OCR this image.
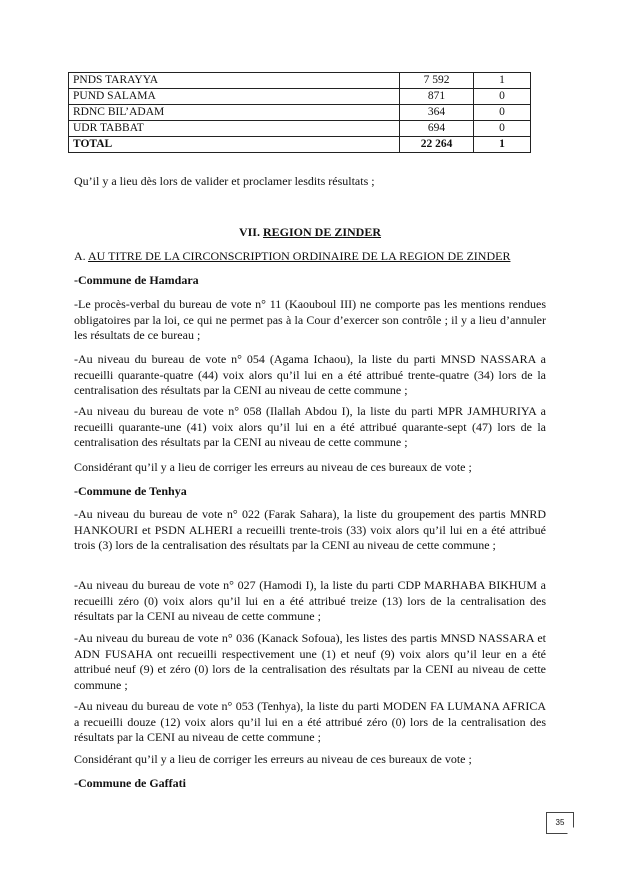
PNDS TARAYYA	7 592	1
PUND SALAMA	871	0
RDNC BIL’ADAM	364	0
UDR TABBAT	694	0
TOTAL	22 264	1
Qu’il y a lieu dès lors de valider et proclamer lesdits résultats ;
VII. REGION DE ZINDER
A. AU TITRE DE LA CIRCONSCRIPTION ORDINAIRE DE LA REGION DE ZINDER
-Commune de Hamdara
-Le procès-verbal du bureau de vote n° 11 (Kaouboul III) ne comporte pas les mentions rendues obligatoires par la loi, ce qui ne permet pas à la Cour d’exercer son contrôle ; il y a lieu d’annuler les résultats de ce bureau ;
-Au niveau du bureau de vote n° 054 (Agama Ichaou), la liste du parti MNSD NASSARA a recueilli quarante-quatre (44) voix alors qu’il lui en a été attribué trente-quatre (34) lors de la centralisation des résultats par la CENI au niveau de cette commune ;
-Au niveau du bureau de vote n° 058 (Ilallah Abdou I), la liste du parti MPR JAMHURIYA a recueilli quarante-une (41) voix alors qu’il lui en a été attribué quarante-sept (47) lors de la centralisation des résultats par la CENI au niveau de cette commune ;
Considérant qu’il y a lieu de corriger les erreurs au niveau de ces bureaux de vote ;
-Commune de Tenhya
-Au niveau du bureau de vote n° 022 (Farak Sahara), la liste du groupement des partis MNRD HANKOURI et PSDN ALHERI a recueilli trente-trois (33) voix alors qu’il lui en a été attribué trois (3) lors de la centralisation des résultats par la CENI au niveau de cette commune ;
-Au niveau du bureau de vote n° 027 (Hamodi I), la liste du parti CDP MARHABA BIKHUM a recueilli zéro (0) voix alors qu’il lui en a été attribué treize (13) lors de la centralisation des résultats par la CENI au niveau de cette commune ;
-Au niveau du bureau de vote n° 036 (Kanack Sofoua), les listes des partis MNSD NASSARA et ADN FUSAHA ont recueilli respectivement une (1) et neuf (9) voix alors qu’il leur en a été attribué neuf (9) et zéro (0) lors de la centralisation des résultats par la CENI au niveau de cette commune ;
-Au niveau du bureau de vote n° 053 (Tenhya), la liste du parti MODEN FA LUMANA AFRICA a recueilli douze (12) voix alors qu’il lui en a été attribué zéro (0) lors de la centralisation des résultats par la CENI au niveau de cette commune ;
Considérant qu’il y a lieu de corriger les erreurs au niveau de ces bureaux de vote ;
-Commune de Gaffati
35
